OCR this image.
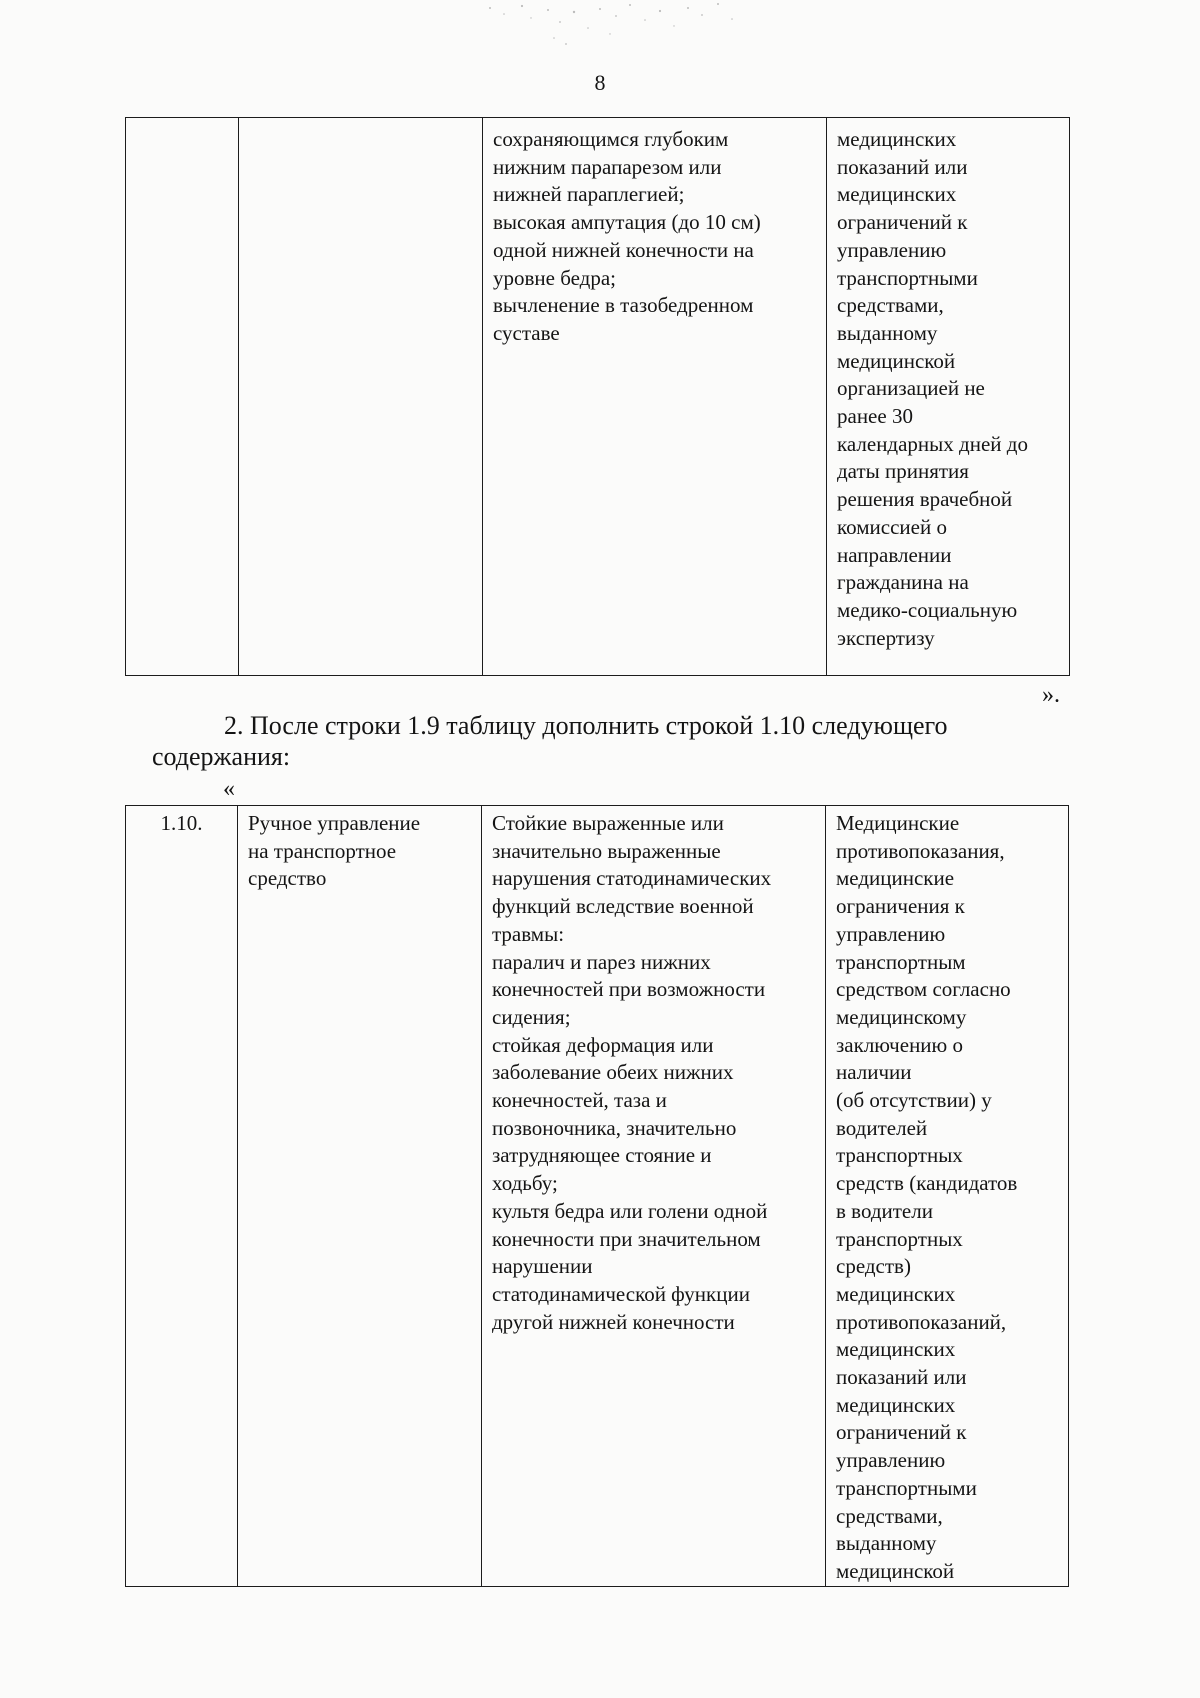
8
		сохраняющимся глубоким
нижним парапарезом или
нижней параплегией;
высокая ампутация (до 10 см)
одной нижней конечности на
уровне бедра;
вычленение в тазобедренном
суставе	медицинских
показаний или
медицинских
ограничений к
управлению
транспортными
средствами,
выданному
медицинской
организацией не
ранее 30
календарных дней до
даты принятия
решения врачебной
комиссией о
направлении
гражданина на
медико-социальную
экспертизу
».
2. После строки 1.9 таблицу дополнить строкой 1.10 следующего содержания:
«
1.10.	Ручное управление
на транспортное
средство	Стойкие выраженные или
значительно выраженные
нарушения статодинамических
функций вследствие военной
травмы:
паралич и парез нижних
конечностей при возможности
сидения;
стойкая деформация или
заболевание обеих нижних
конечностей, таза и
позвоночника, значительно
затрудняющее стояние и
ходьбу;
культя бедра или голени одной
конечности при значительном
нарушении
статодинамической функции
другой нижней конечности	Медицинские
противопоказания,
медицинские
ограничения к
управлению
транспортным
средством согласно
медицинскому
заключению о
наличии
(об отсутствии) у
водителей
транспортных
средств (кандидатов
в водители
транспортных
средств)
медицинских
противопоказаний,
медицинских
показаний или
медицинских
ограничений к
управлению
транспортными
средствами,
выданному
медицинской
